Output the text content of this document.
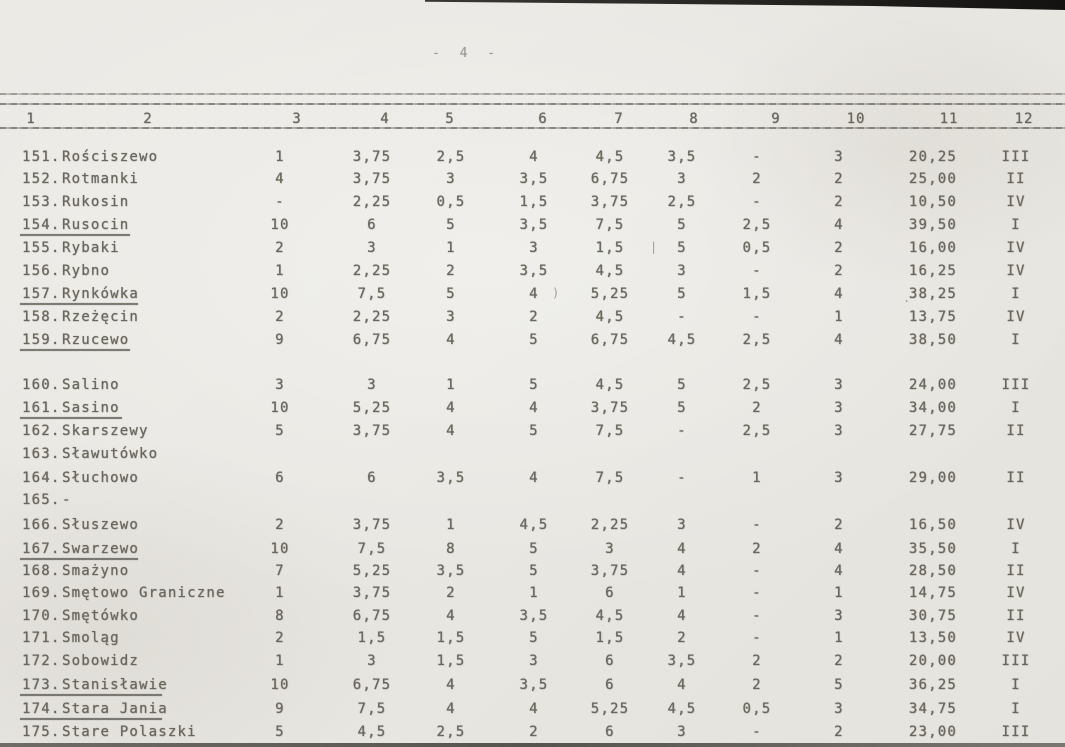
- 4 -
1	2	3	4	5	6	7	8	9	10	11	12
151. Rościszewo	1	3,75	2,5	4	4,5	3,5	-	3	20,25	III
152. Rotmanki	4	3,75	3	3,5	6,75	3	2	2	25,00	II
153. Rukosin	-	2,25	0,5	1,5	3,75	2,5	-	2	10,50	IV
154. Rusocin	10	6	5	3,5	7,5	5	2,5	4	39,50	I
155. Rybaki	2	3	1	3	1,5	5	0,5	2	16,00	IV
156. Rybno	1	2,25	2	3,5	4,5	3	-	2	16,25	IV
157. Rynkówka	10	7,5	5	4	5,25	5	1,5	4	38,25	I
158. Rzeżęcin	2	2,25	3	2	4,5	-	-	1	13,75	IV
159. Rzucewo	9	6,75	4	5	6,75	4,5	2,5	4	38,50	I
160. Salino	3	3	1	5	4,5	5	2,5	3	24,00	III
161. Sasino	10	5,25	4	4	3,75	5	2	3	34,00	I
162. Skarszewy	5	3,75	4	5	7,5	-	2,5	3	27,75	II
163. Sławutówko
164. Słuchowo	6	6	3,5	4	7,5	-	1	3	29,00	II
165. -
166. Słuszewo	2	3,75	1	4,5	2,25	3	-	2	16,50	IV
167. Swarzewo	10	7,5	8	5	3	4	2	4	35,50	I
168. Smażyno	7	5,25	3,5	5	3,75	4	-	4	28,50	II
169. Smętowo Graniczne	1	3,75	2	1	6	1	-	1	14,75	IV
170. Smętówko	8	6,75	4	3,5	4,5	4	-	3	30,75	II
171. Smoląg	2	1,5	1,5	5	1,5	2	-	1	13,50	IV
172. Sobowidz	1	3	1,5	3	6	3,5	2	2	20,00	III
173. Stanisławie	10	6,75	4	3,5	6	4	2	5	36,25	I
174. Stara Jania	9	7,5	4	4	5,25	4,5	0,5	3	34,75	I
175. Stare Polaszki	5	4,5	2,5	2	6	3	-	2	23,00	III
|
)	.
